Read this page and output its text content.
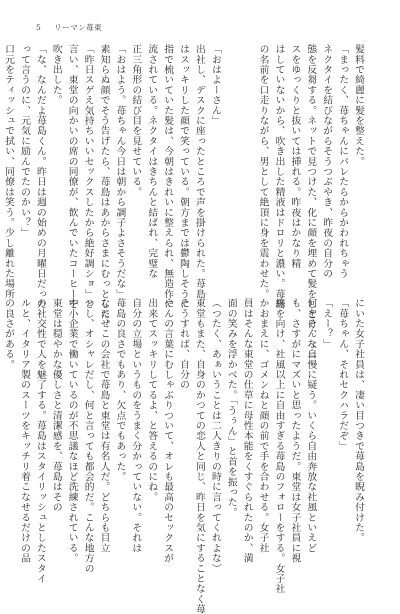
5 リーマン苺東
髪料で綺麗に髪を整えた。
「まったく、苺ちゃんにバレたらからかわれちゃう
ネクタイを結びながらそうつぶやき、昨夜の自分の
態を反芻する。ネットで見つけた、化に顔を埋めて髪をしごけ、ペニ
スをゆっくりと抜いては挿れる。昨夜はかなり精
はしていないから、吹き出した精液はドロリと濃い。苺島
の名前を口走りながら、男として絶頂に身を震わせた。

「おはよーさん」
出社し、デスクに座ったところで声を掛けられた。苺島
はスッキリした顔で笑っている。朝方までは鬱陶しそうに
指で梳いていた髪は、今朝はきれいに整えられ、無造作に
流されている。ネクタイはきちんと結ばれ、完璧な
正三角形の結び目を見せている。
「おはよう。苺ちゃん今日は朝から調子よさそうだな」
素知らぬ顔でそう告げたら、苺島はあからさまにむっとした。
「昨日スゲえ気持ちいいセックスしたから絶好調ショ」と
言い、東堂の向かいの席の同僚が、飲んでいたコーヒーを
吹き出した。
「な、なんだよ苺島くん。昨日は週の始めの月曜日だった
って言うのに、元気に励んでたのかい？」
口元をティッシュで拭い、同僚は笑う。少し離れた場所
にいた女子社員は、凄い目つきで苺島を睨み付けた。
「苺ちゃん、それセクハラだぞ」
「えー？」
何をそんな自慢に疑う。いくら自由奔放な社風といえど
も、さすがにマズいと思ったようだ。東堂は女子社員に視
線を向け、社風以上に自由すぎる苺島のフォローをする。女子社
かおまえに、ゴメンねと顔の前で手を合わせる。女子社
員はそんな東堂の仕草に母性本能をくすぐられたのか、満
面の笑みを浮かべた。「うぅん」と首を振った。
（つたく、あぁいうことは二人きりの時に言ってくれよな）
東堂もまた、自身のかつての恋人と同じ、昨日を気にすることなく苺
そうすれば、自分の
やんの言葉にむしゃぶりついて、オレも最高のセックスが
出来てスッキリしてるよ、と答えるのにね。
自分の立場というものをうまく分かっていない。それは
苺島の良さでもあり、欠点でもあった。
なにせこの会社で苺島と東堂は有名人だ。どちらも目立
つし、オシャレだし、何と言っても都会的だ。こんな地方の
中小企業で働いているのが不思議なほど洗練されている。
東堂は穏やかな優しさと清潔感を、苺島はその
の社交性で人を魅了する。苺島はスタイリッシュとしたスタイ
ルと、イタリア製のスーツをキッチリ着こなせるだけの品
の良さがある。
